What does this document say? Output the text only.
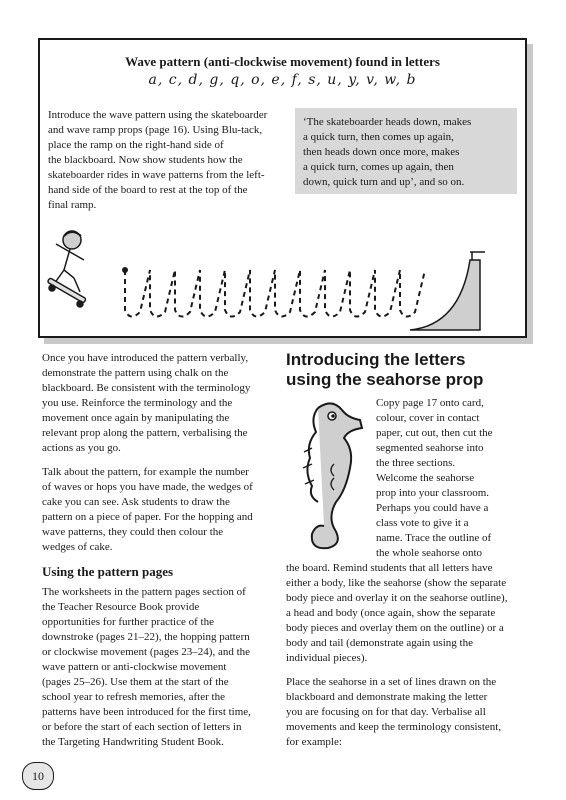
Wave pattern (anti-clockwise movement) found in letters
a, c, d, g, q, o, e, f, s, u, y, v, w, b
Introduce the wave pattern using the skateboarder
and wave ramp props (page 16). Using Blu-tack,
place the ramp on the right-hand side of
the blackboard. Now show students how the
skateboarder rides in wave patterns from the left-
hand side of the board to rest at the top of the
final ramp.
‘The skateboarder heads down, makes
a quick turn, then comes up again,
then heads down once more, makes
a quick turn, comes up again, then
down, quick turn and up’, and so on.

Once you have introduced the pattern verbally,
demonstrate the pattern using chalk on the
blackboard. Be consistent with the terminology
you use. Reinforce the terminology and the
movement once again by manipulating the
relevant prop along the pattern, verbalising the
actions as you go.

Talk about the pattern, for example the number
of waves or hops you have made, the wedges of
cake you can see. Ask students to draw the
pattern on a piece of paper. For the hopping and
wave patterns, they could then colour the
wedges of cake.

Using the pattern pages

The worksheets in the pattern pages section of
the Teacher Resource Book provide
opportunities for further practice of the
downstroke (pages 21–22), the hopping pattern
or clockwise movement (pages 23–24), and the
wave pattern or anti-clockwise movement
(pages 25–26). Use them at the start of the
school year to refresh memories, after the
patterns have been introduced for the first time,
or before the start of each section of letters in
the Targeting Handwriting Student Book.

Introducing the letters
using the seahorse prop
Copy page 17 onto card,
colour, cover in contact
paper, cut out, then cut the
segmented seahorse into
the three sections.
Welcome the seahorse
prop into your classroom.
Perhaps you could have a
class vote to give it a
name. Trace the outline of
the whole seahorse onto

the board. Remind students that all letters have
either a body, like the seahorse (show the separate
body piece and overlay it on the seahorse outline),
a head and body (once again, show the separate
body pieces and overlay them on the outline) or a
body and tail (demonstrate again using the
individual pieces).

Place the seahorse in a set of lines drawn on the
blackboard and demonstrate making the letter
you are focusing on for that day. Verbalise all
movements and keep the terminology consistent,
for example:

10
